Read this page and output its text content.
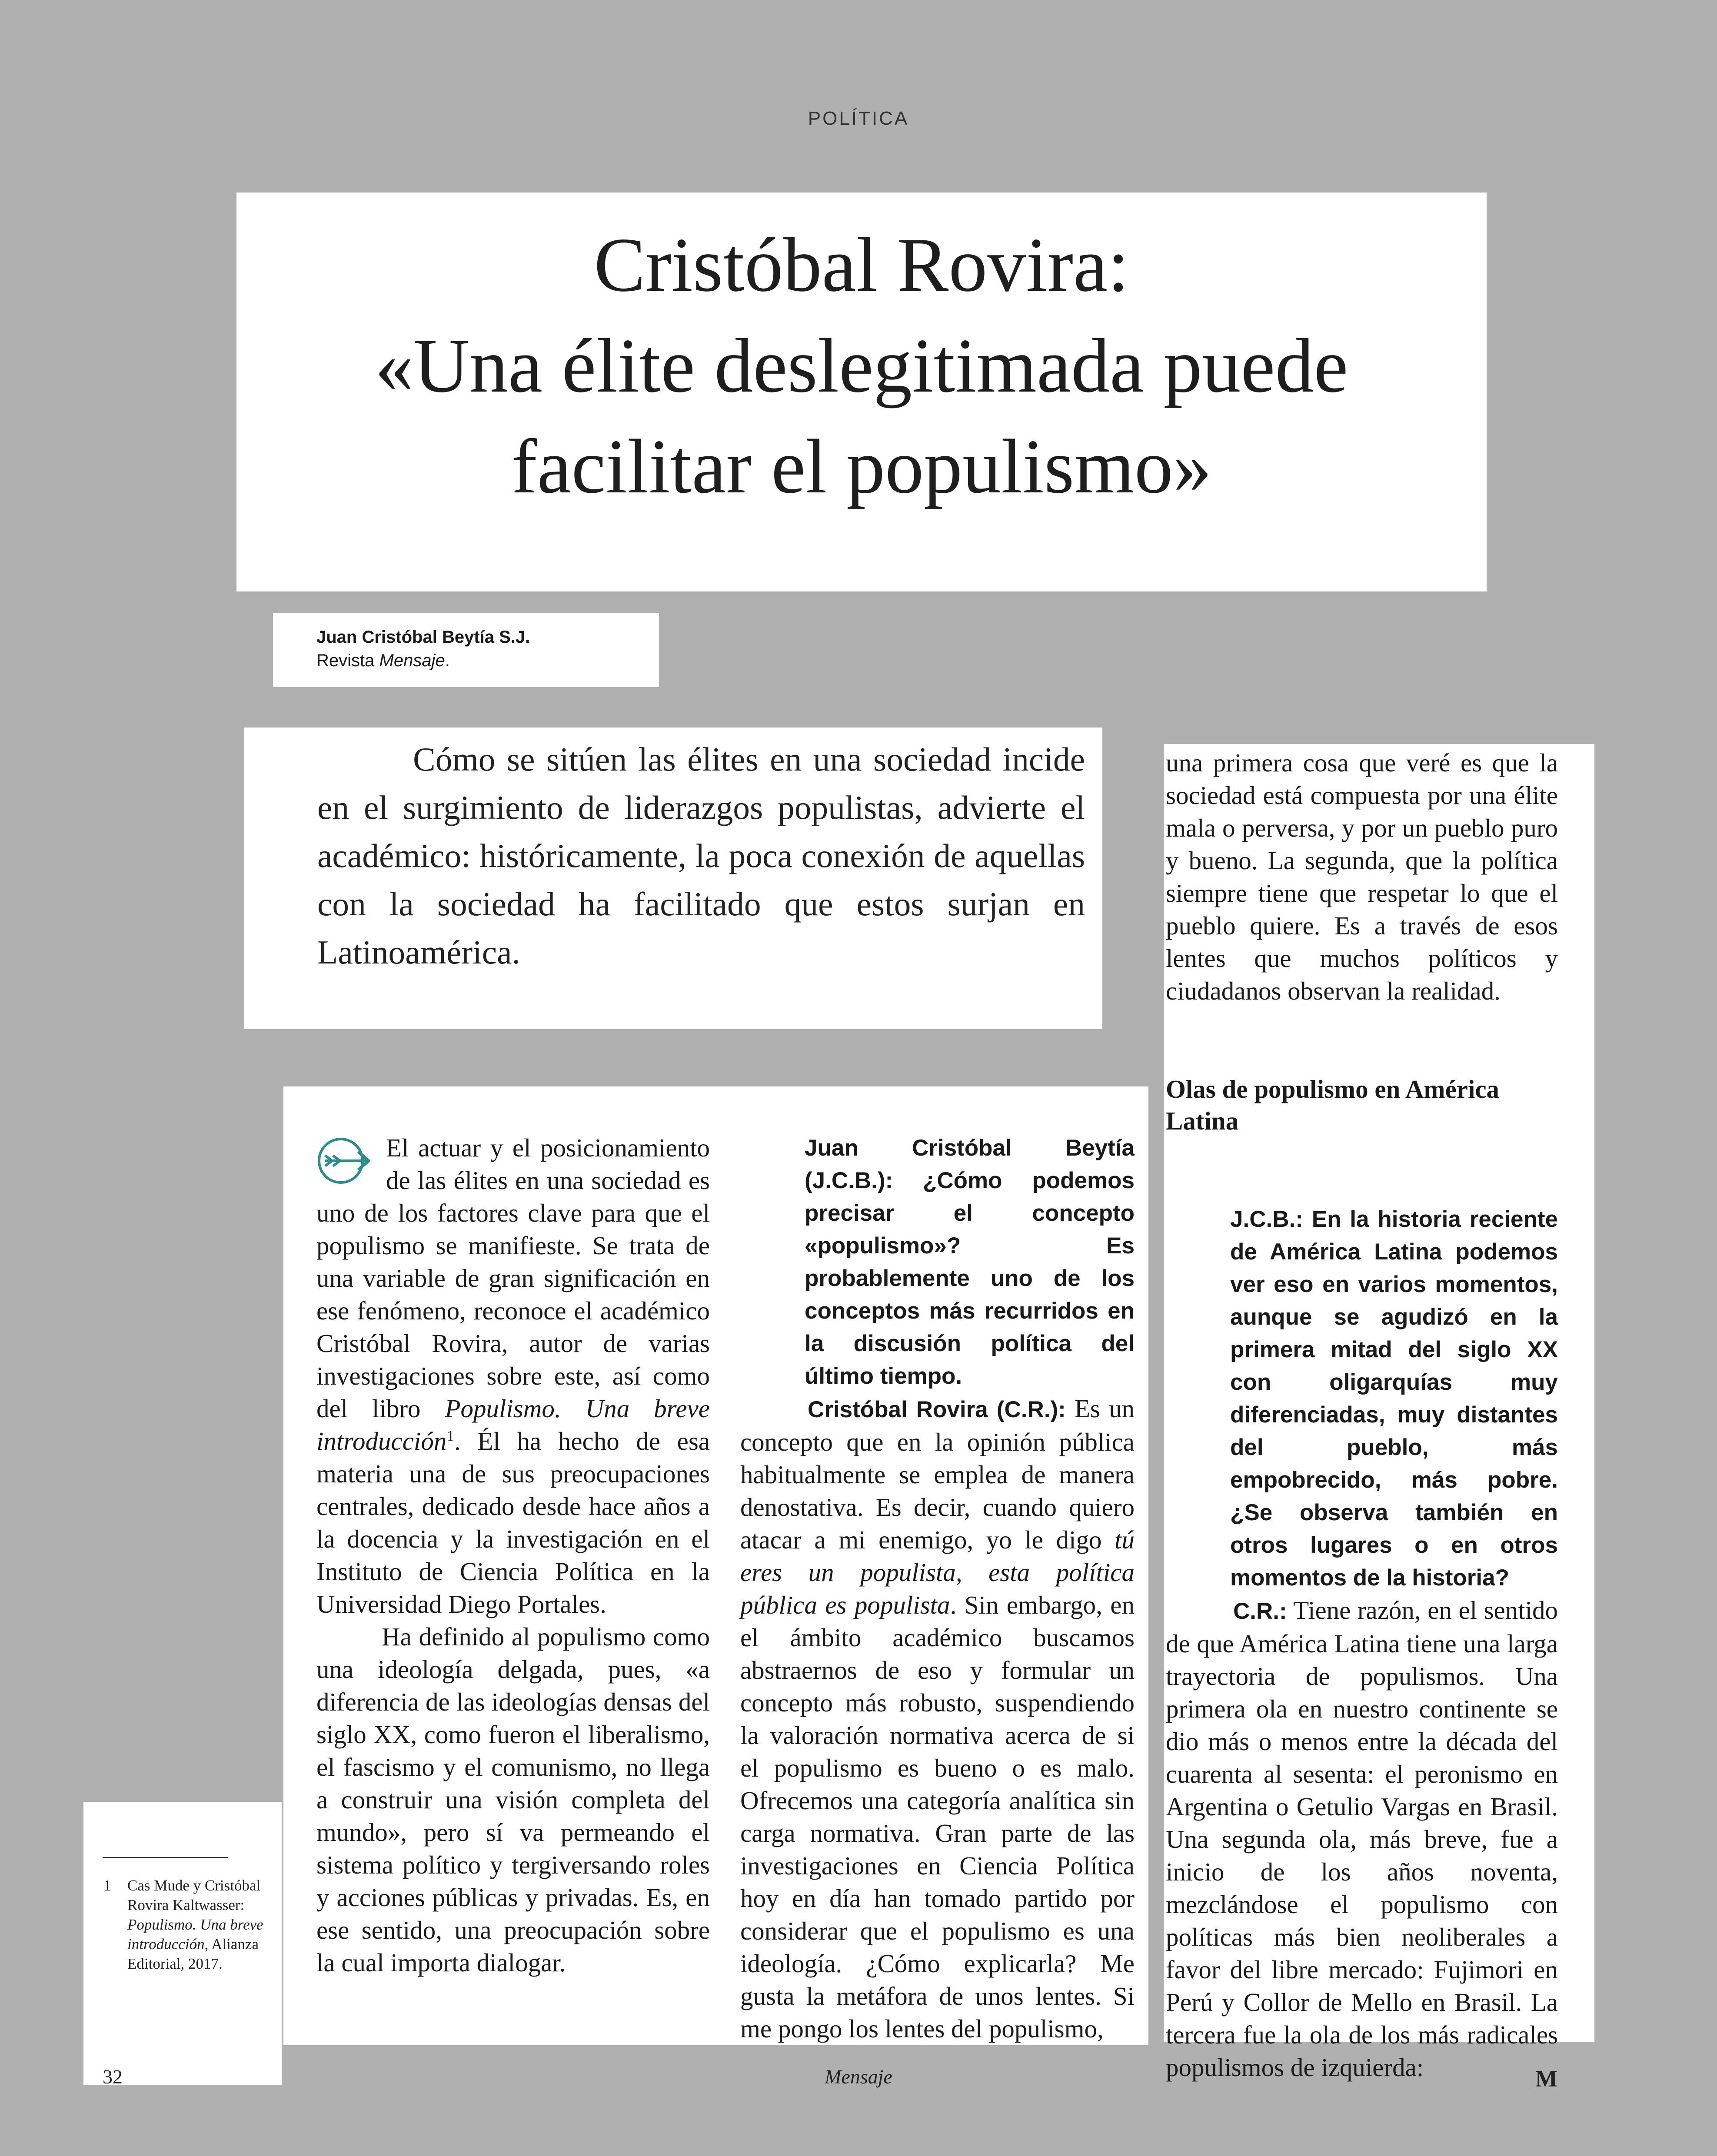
POLÍTICA
Cristóbal Rovira:
«Una élite deslegitimada puede
facilitar el populismo»
Juan Cristóbal Beytía S.J.
Revista Mensaje.

Cómo se sitúen las élites en una sociedad incide en el surgimiento de liderazgos populistas, advierte el académico: históricamente, la poca conexión de aquellas con la sociedad ha facilitado que estos surjan en Latinoamérica.

El actuar y el posicionamiento de las élites en una sociedad es uno de los factores clave para que el populismo se manifieste. Se trata de una variable de gran significación en ese fenómeno, reconoce el académico Cristóbal Rovira, autor de varias investigaciones sobre este, así como del libro Populismo. Una breve introducción$^1$. Él ha hecho de esa materia una de sus preocupaciones centrales, dedicado desde hace años a la docencia y la investigación en el Instituto de Ciencia Política en la Universidad Diego Portales.

Ha definido al populismo como una ideología delgada, pues, «a diferencia de las ideologías densas del siglo XX, como fueron el liberalismo, el fascismo y el comunismo, no llega a construir una visión completa del mundo», pero sí va permeando el sistema político y tergiversando roles y acciones públicas y privadas. Es, en ese sentido, una preocupación sobre la cual importa dialogar.

Juan Cristóbal Beytía (J.C.B.): ¿Cómo podemos precisar el concepto «populismo»? Es probablemente uno de los conceptos más recurridos en la discusión política del último tiempo.

Cristóbal Rovira (C.R.): Es un concepto que en la opinión pública habitualmente se emplea de manera denostativa. Es decir, cuando quiero atacar a mi enemigo, yo le digo tú eres un populista, esta política pública es populista. Sin embargo, en el ámbito académico buscamos abstraernos de eso y formular un concepto más robusto, suspendiendo la valoración normativa acerca de si el populismo es bueno o es malo. Ofrecemos una categoría analítica sin carga normativa. Gran parte de las investigaciones en Ciencia Política hoy en día han tomado partido por considerar que el populismo es una ideología. ¿Cómo explicarla? Me gusta la metáfora de unos lentes. Si me pongo los lentes del populismo,

una primera cosa que veré es que la sociedad está compuesta por una élite mala o perversa, y por un pueblo puro y bueno. La segunda, que la política siempre tiene que respetar lo que el pueblo quiere. Es a través de esos lentes que muchos políticos y ciudadanos observan la realidad.

Olas de populismo en América Latina

J.C.B.: En la historia reciente de América Latina podemos ver eso en varios momentos, aunque se agudizó en la primera mitad del siglo XX con oligarquías muy diferenciadas, muy distantes del pueblo, más empobrecido, más pobre. ¿Se observa también en otros lugares o en otros momentos de la historia?

C.R.: Tiene razón, en el sentido de que América Latina tiene una larga trayectoria de populismos. Una primera ola en nuestro continente se dio más o menos entre la década del cuarenta al sesenta: el peronismo en Argentina o Getulio Vargas en Brasil. Una segunda ola, más breve, fue a inicio de los años noventa, mezclándose el populismo con políticas más bien neoliberales a favor del libre mercado: Fujimori en Perú y Collor de Mello en Brasil. La tercera fue la ola de los más radicales populismos de izquierda:

1 Cas Mude y Cristóbal Rovira Kaltwasser: Populismo. Una breve introducción, Alianza Editorial, 2017.
32	Mensaje	M
